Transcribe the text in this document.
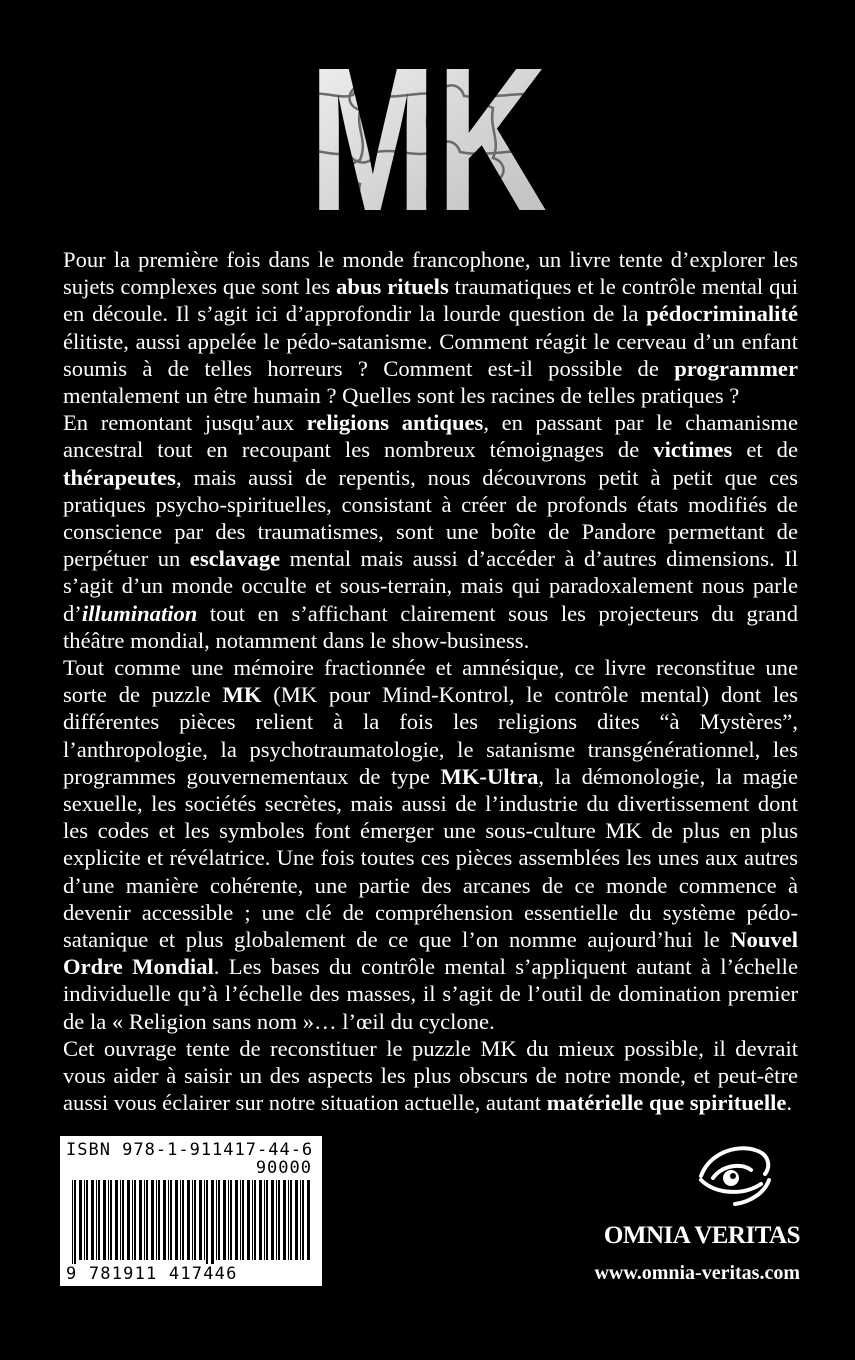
Pour la première fois dans le monde francophone, un livre tente d’explorer les sujets complexes que sont les abus rituels traumatiques et le contrôle mental qui en découle. Il s’agit ici d’approfondir la lourde question de la pédocriminalité élitiste, aussi appelée le pédo-satanisme. Comment réagit le cerveau d’un enfant soumis à de telles horreurs ? Comment est-il possible de programmer mentalement un être humain ? Quelles sont les racines de telles pratiques ?

En remontant jusqu’aux religions antiques, en passant par le chamanisme ancestral tout en recoupant les nombreux témoignages de victimes et de thérapeutes, mais aussi de repentis, nous découvrons petit à petit que ces pratiques psycho-spirituelles, consistant à créer de profonds états modifiés de conscience par des traumatismes, sont une boîte de Pandore permettant de perpétuer un esclavage mental mais aussi d’accéder à d’autres dimensions. Il s’agit d’un monde occulte et sous-terrain, mais qui paradoxalement nous parle d’illumination tout en s’affichant clairement sous les projecteurs du grand théâtre mondial, notamment dans le show-business.

Tout comme une mémoire fractionnée et amnésique, ce livre reconstitue une sorte de puzzle MK (MK pour Mind-Kontrol, le contrôle mental) dont les différentes pièces relient à la fois les religions dites “à Mystères”, l’anthropologie, la psychotraumatologie, le satanisme transgénérationnel, les programmes gouvernementaux de type MK-Ultra, la démonologie, la magie sexuelle, les sociétés secrètes, mais aussi de l’industrie du divertissement dont les codes et les symboles font émerger une sous-culture MK de plus en plus explicite et révélatrice. Une fois toutes ces pièces assemblées les unes aux autres d’une manière cohérente, une partie des arcanes de ce monde commence à devenir accessible ; une clé de compréhension essentielle du système pédo-satanique et plus globalement de ce que l’on nomme aujourd’hui le Nouvel Ordre Mondial. Les bases du contrôle mental s’appliquent autant à l’échelle individuelle qu’à l’échelle des masses, il s’agit de l’outil de domination premier de la « Religion sans nom »… l’œil du cyclone.

Cet ouvrage tente de reconstituer le puzzle MK du mieux possible, il devrait vous aider à saisir un des aspects les plus obscurs de notre monde, et peut-être aussi vous éclairer sur notre situation actuelle, autant matérielle que spirituelle.

ISBN 978-1-911417-44-6
90000
9 781911 417446
OMNIA VERITAS
www.omnia-veritas.com
